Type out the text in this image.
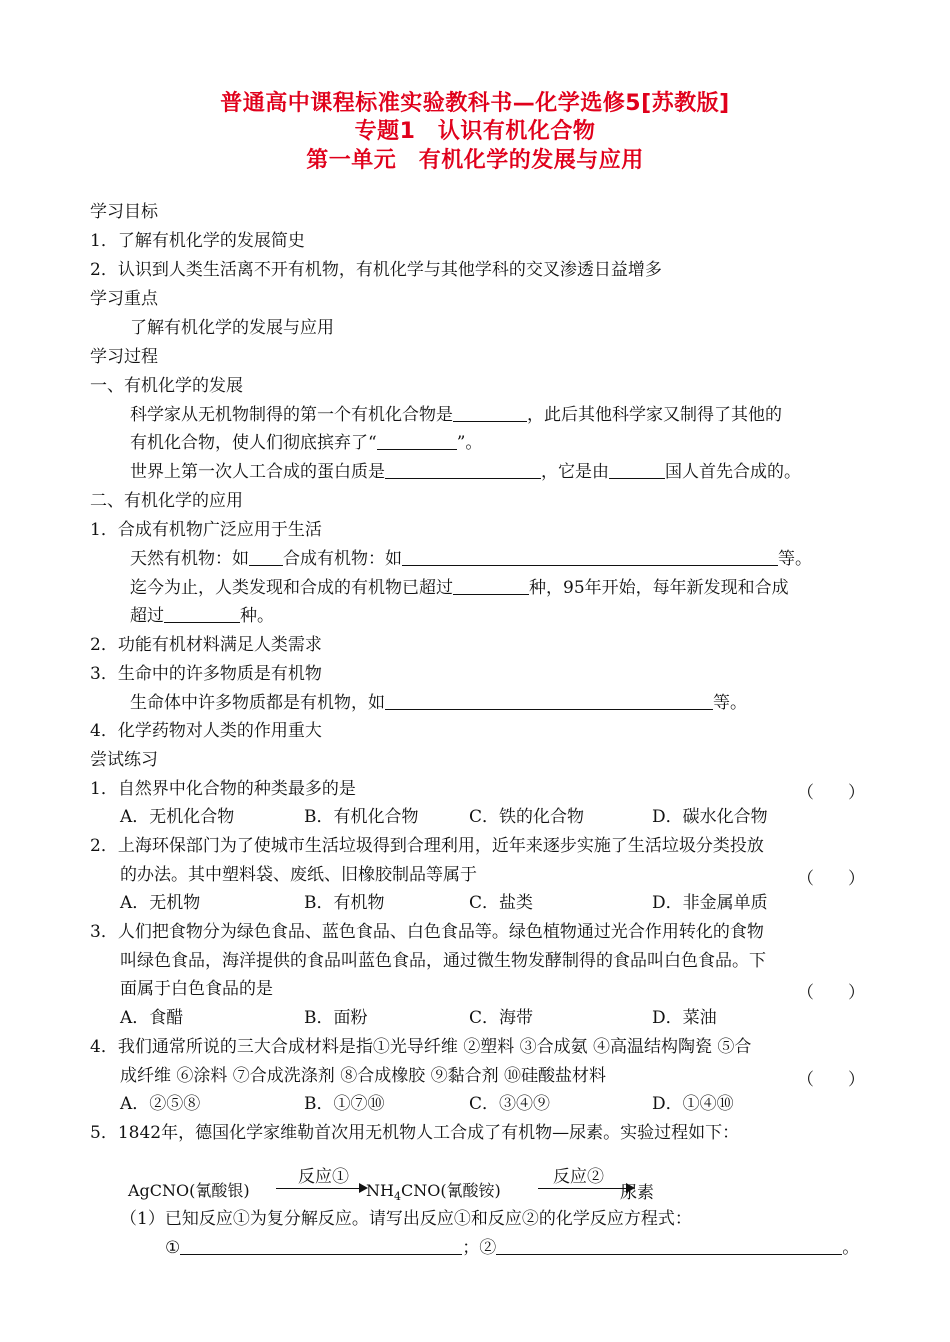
普通高中课程标准实验教科书—化学选修5[苏教版]
专题1　认识有机化合物
第一单元　有机化学的发展与应用
学习目标
1．了解有机化学的发展简史
2．认识到人类生活离不开有机物，有机化学与其他学科的交叉渗透日益增多
学习重点
了解有机化学的发展与应用
学习过程
一、有机化学的发展
科学家从无机物制得的第一个有机化合物是	，此后其他科学家又制得了其他的
有机化合物，使人们彻底摈弃了“	”。
世界上第一次人工合成的蛋白质是	，它是由	国人首先合成的。
二、有机化学的应用
1．合成有机物广泛应用于生活
天然有机物：如 合成有机物：如	等。
迄今为止，人类发现和合成的有机物已超过	种，95年开始，每年新发现和合成
超过	种。
2．功能有机材料满足人类需求
3．生命中的许多物质是有机物
生命体中许多物质都是有机物，如	等。
4．化学药物对人类的作用重大
尝试练习
1．自然界中化合物的种类最多的是	（　　）
A．无机化合物	B．有机化合物	C．铁的化合物	D．碳水化合物
2．上海环保部门为了使城市生活垃圾得到合理利用，近年来逐步实施了生活垃圾分类投放
的办法。其中塑料袋、废纸、旧橡胶制品等属于	（　　）
A．无机物	B．有机物	C．盐类	D．非金属单质
3．人们把食物分为绿色食品、蓝色食品、白色食品等。绿色植物通过光合作用转化的食物
叫绿色食品，海洋提供的食品叫蓝色食品，通过微生物发酵制得的食品叫白色食品。下
面属于白色食品的是	（　　）
A．食醋	B．面粉	C．海带	D．菜油
4．我们通常所说的三大合成材料是指①光导纤维 ②塑料 ③合成氨 ④高温结构陶瓷 ⑤合
成纤维 ⑥涂料 ⑦合成洗涤剂 ⑧合成橡胶 ⑨黏合剂 ⑩硅酸盐材料	（　　）
A．②⑤⑧	B．①⑦⑩	C．③④⑨	D．①④⑩
5．1842年，德国化学家维勒首次用无机物人工合成了有机物—尿素。实验过程如下：
AgCNO(氰酸银)
反应①
$NH_4CNO$(氰酸铵)
反应②
尿素
（1）已知反应①为复分解反应。请写出反应①和反应②的化学反应方程式：
①	；②	。
